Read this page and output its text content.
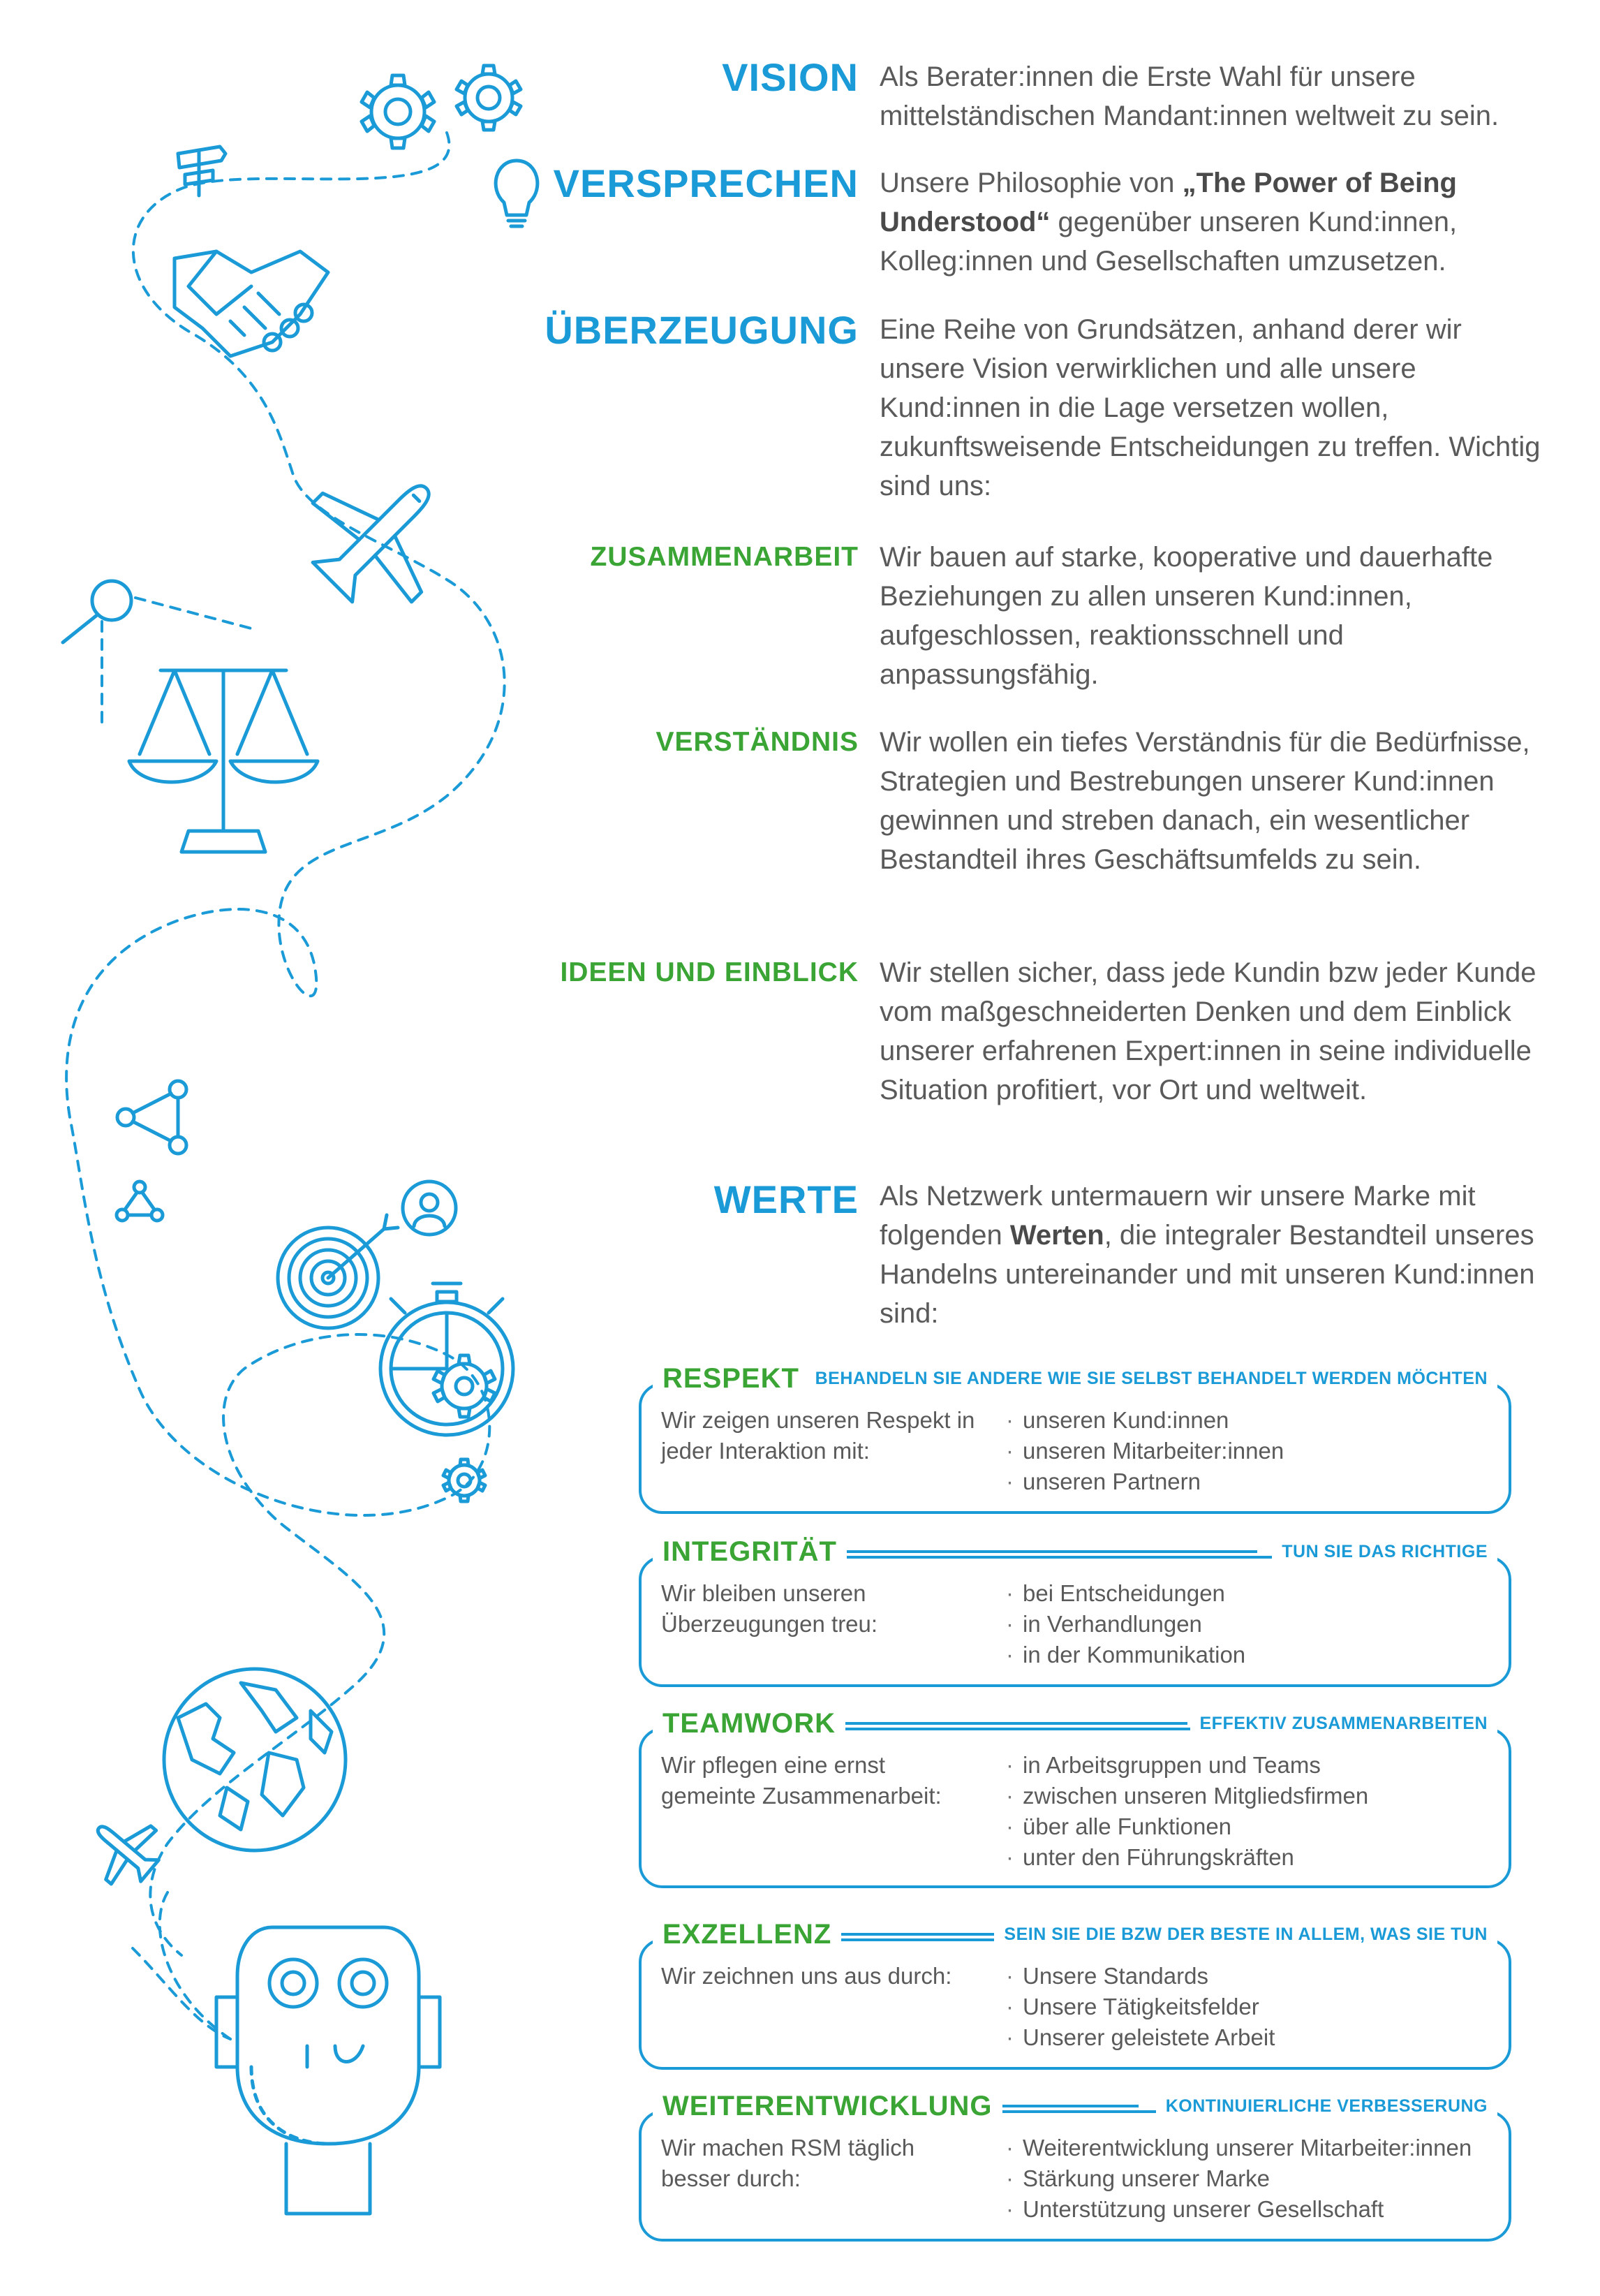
VISION Als Berater:innen die Erste Wahl für unsere mittelständischen Mandant:innen weltweit zu sein.
VERSPRECHEN Unsere Philosophie von „The Power of Being Understood“ gegenüber unseren Kund:innen, Kolleg:innen und Gesellschaften umzusetzen.
ÜBERZEUGUNG Eine Reihe von Grundsätzen, anhand derer wir unsere Vision verwirklichen und alle unsere Kund:innen in die Lage versetzen wollen, zukunftsweisende Entscheidungen zu treffen. Wichtig sind uns:
ZUSAMMENARBEIT Wir bauen auf starke, kooperative und dauerhafte Beziehungen zu allen unseren Kund:innen, aufgeschlossen, reaktionsschnell und anpassungsfähig.
VERSTÄNDNIS Wir wollen ein tiefes Verständnis für die Bedürfnisse, Strategien und Bestrebungen unserer Kund:innen gewinnen und streben danach, ein wesentlicher Bestandteil ihres Geschäftsumfelds zu sein.
IDEEN UND EINBLICK Wir stellen sicher, dass jede Kundin bzw jeder Kunde vom maßgeschneiderten Denken und dem Einblick unserer erfahrenen Expert:innen in seine individuelle Situation profitiert, vor Ort und weltweit.
WERTE Als Netzwerk untermauern wir unsere Marke mit folgenden Werten, die integraler Bestandteil unseres Handelns untereinander und mit unseren Kund:innen sind:
RESPEKT BEHANDELN SIE ANDERE WIE SIE SELBST BEHANDELT WERDEN MÖCHTEN
Wir zeigen unseren Respekt in jeder Interaktion mit:
· unseren Kund:innen
· unseren Mitarbeiter:innen
· unseren Partnern
INTEGRITÄT	TUN SIE DAS RICHTIGE
Wir bleiben unseren Überzeugungen treu:
· bei Entscheidungen
· in Verhandlungen
· in der Kommunikation
TEAMWORK	EFFEKTIV ZUSAMMENARBEITEN
Wir pflegen eine ernst gemeinte Zusammenarbeit:
· in Arbeitsgruppen und Teams
· zwischen unseren Mitgliedsfirmen
· über alle Funktionen
· unter den Führungskräften
EXZELLENZ	SEIN SIE DIE BZW DER BESTE IN ALLEM, WAS SIE TUN
Wir zeichnen uns aus durch:
·	Unsere Standards
· Unsere Tätigkeitsfelder
· Unserer geleistete Arbeit
WEITERENTWICKLUNG	KONTINUIERLICHE VERBESSERUNG
Wir machen RSM täglich besser durch:
· Weiterentwicklung unserer Mitarbeiter:innen
· Stärkung unserer Marke
· Unterstützung unserer Gesellschaft
